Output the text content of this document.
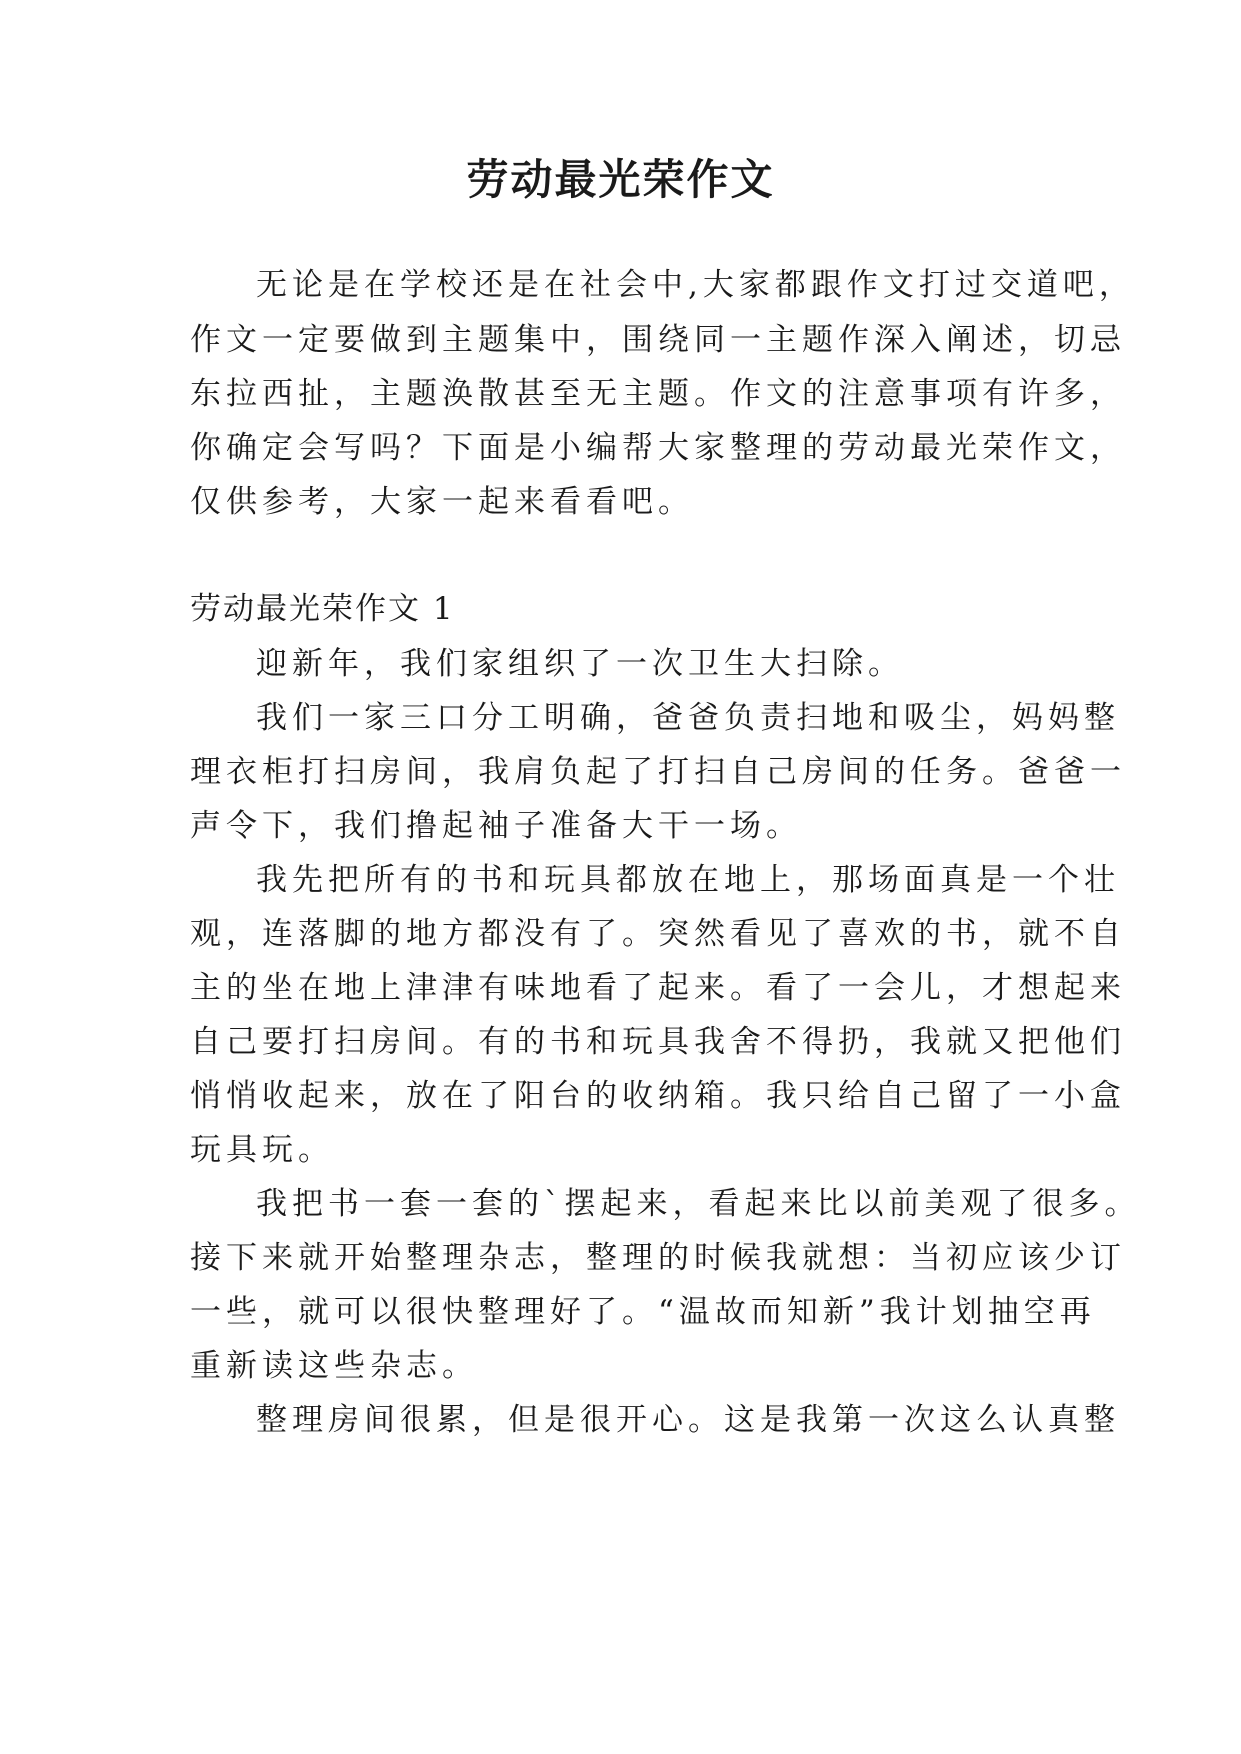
劳动最光荣作文

无论是在学校还是在社会中,大家都跟作文打过交道吧，

作文一定要做到主题集中，围绕同一主题作深入阐述，切忌

东拉西扯，主题涣散甚至无主题。作文的注意事项有许多，

你确定会写吗？下面是小编帮大家整理的劳动最光荣作文，

仅供参考，大家一起来看看吧。

劳动最光荣作文 1

迎新年，我们家组织了一次卫生大扫除。

我们一家三口分工明确，爸爸负责扫地和吸尘，妈妈整

理衣柜打扫房间，我肩负起了打扫自己房间的任务。爸爸一

声令下，我们撸起袖子准备大干一场。

我先把所有的书和玩具都放在地上，那场面真是一个壮

观，连落脚的地方都没有了。突然看见了喜欢的书，就不自

主的坐在地上津津有味地看了起来。看了一会儿，才想起来

自己要打扫房间。有的书和玩具我舍不得扔，我就又把他们

悄悄收起来，放在了阳台的收纳箱。我只给自己留了一小盒

玩具玩。

我把书一套一套的`摆起来，看起来比以前美观了很多。

接下来就开始整理杂志，整理的时候我就想：当初应该少订

一些，就可以很快整理好了。“温故而知新”我计划抽空再

重新读这些杂志。

整理房间很累，但是很开心。这是我第一次这么认真整
